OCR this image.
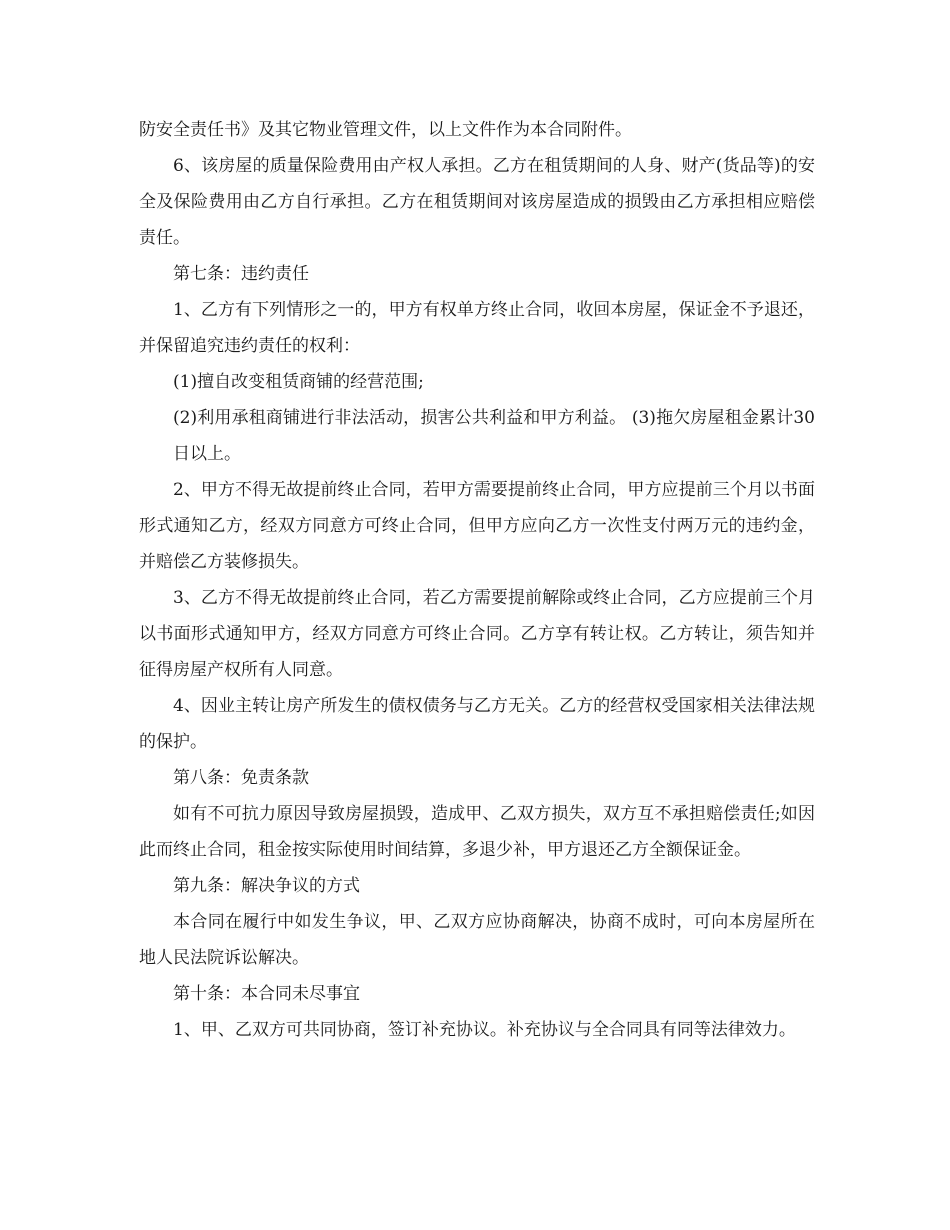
防安全责任书》及其它物业管理文件，以上文件作为本合同附件。

6、该房屋的质量保险费用由产权人承担。乙方在租赁期间的人身、财产(货品等)的安全及保险费用由乙方自行承担。乙方在租赁期间对该房屋造成的损毁由乙方承担相应赔偿责任。

第七条：违约责任

1、乙方有下列情形之一的，甲方有权单方终止合同，收回本房屋，保证金不予退还，并保留追究违约责任的权利：

(1)擅自改变租赁商铺的经营范围;

(2)利用承租商铺进行非法活动，损害公共利益和甲方利益。 (3)拖欠房屋租金累计30日以上。

2、甲方不得无故提前终止合同，若甲方需要提前终止合同，甲方应提前三个月以书面形式通知乙方，经双方同意方可终止合同，但甲方应向乙方一次性支付两万元的违约金，并赔偿乙方装修损失。

3、乙方不得无故提前终止合同，若乙方需要提前解除或终止合同，乙方应提前三个月以书面形式通知甲方，经双方同意方可终止合同。乙方享有转让权。乙方转让，须告知并征得房屋产权所有人同意。

4、因业主转让房产所发生的债权债务与乙方无关。乙方的经营权受国家相关法律法规的保护。

第八条：免责条款

如有不可抗力原因导致房屋损毁，造成甲、乙双方损失，双方互不承担赔偿责任;如因此而终止合同，租金按实际使用时间结算，多退少补，甲方退还乙方全额保证金。

第九条：解决争议的方式

本合同在履行中如发生争议，甲、乙双方应协商解决，协商不成时，可向本房屋所在地人民法院诉讼解决。

第十条：本合同未尽事宜

1、甲、乙双方可共同协商，签订补充协议。补充协议与全合同具有同等法律效力。
